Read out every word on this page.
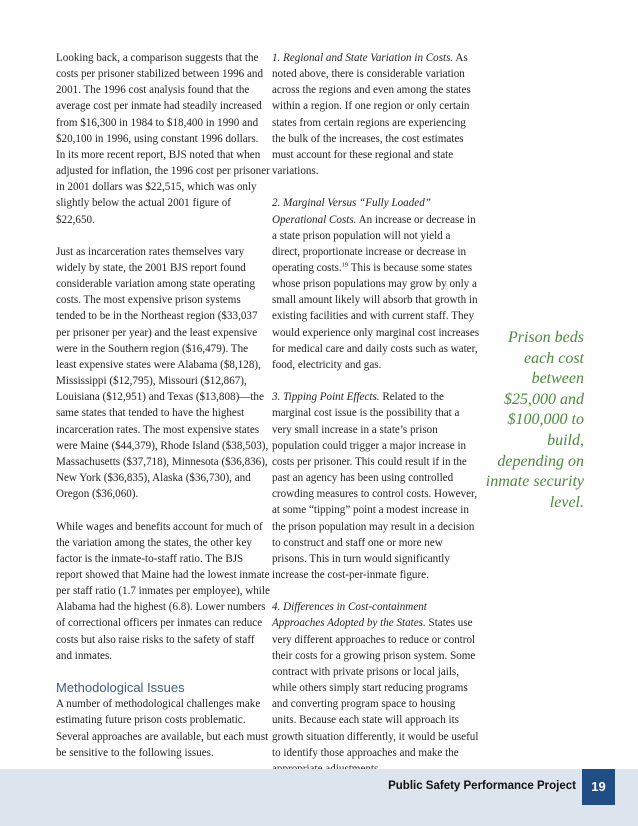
Looking back, a comparison suggests that the costs per prisoner stabilized between 1996 and 2001. The 1996 cost analysis found that the average cost per inmate had steadily increased from $16,300 in 1984 to $18,400 in 1990 and $20,100 in 1996, using constant 1996 dollars. In its more recent report, BJS noted that when adjusted for inflation, the 1996 cost per prisoner in 2001 dollars was $22,515, which was only slightly below the actual 2001 figure of $22,650.

Just as incarceration rates themselves vary widely by state, the 2001 BJS report found considerable variation among state operating costs. The most expensive prison systems tended to be in the Northeast region ($33,037 per prisoner per year) and the least expensive were in the Southern region ($16,479). The least expensive states were Alabama ($8,128), Mississippi ($12,795), Missouri ($12,867), Louisiana ($12,951) and Texas ($13,808)—the same states that tended to have the highest incarceration rates. The most expensive states were Maine ($44,379), Rhode Island ($38,503), Massachusetts ($37,718), Minnesota ($36,836), New York ($36,835), Alaska ($36,730), and Oregon ($36,060).

While wages and benefits account for much of the variation among the states, the other key factor is the inmate-to-staff ratio. The BJS report showed that Maine had the lowest inmate per staff ratio (1.7 inmates per employee), while Alabama had the highest (6.8). Lower numbers of correctional officers per inmates can reduce costs but also raise risks to the safety of staff and inmates.

Methodological Issues

A number of methodological challenges make estimating future prison costs problematic. Several approaches are available, but each must be sensitive to the following issues.

1. Regional and State Variation in Costs. As noted above, there is considerable variation across the regions and even among the states within a region. If one region or only certain states from certain regions are experiencing the bulk of the increases, the cost estimates must account for these regional and state variations.

2. Marginal Versus “Fully Loaded” Operational Costs. An increase or decrease in a state prison population will not yield a direct, proportionate increase or decrease in operating costs.$^{19}$ This is because some states whose prison populations may grow by only a small amount likely will absorb that growth in existing facilities and with current staff. They would experience only marginal cost increases for medical care and daily costs such as water, food, electricity and gas.

3. Tipping Point Effects. Related to the marginal cost issue is the possibility that a very small increase in a state’s prison population could trigger a major increase in costs per prisoner. This could result if in the past an agency has been using controlled crowding measures to control costs. However, at some “tipping” point a modest increase in the prison population may result in a decision to construct and staff one or more new prisons. This in turn would significantly increase the cost-per-inmate figure.

4. Differences in Cost-containment Approaches Adopted by the States. States use very different approaches to reduce or control their costs for a growing prison system. Some contract with private prisons or local jails, while others simply start reducing programs and converting program space to housing units. Because each state will approach its growth situation differently, it would be useful to identify those approaches and make the

Prison beds each cost between $25,000 and $100,000 to build, depending on inmate security level.
Public Safety Performance Project	19
